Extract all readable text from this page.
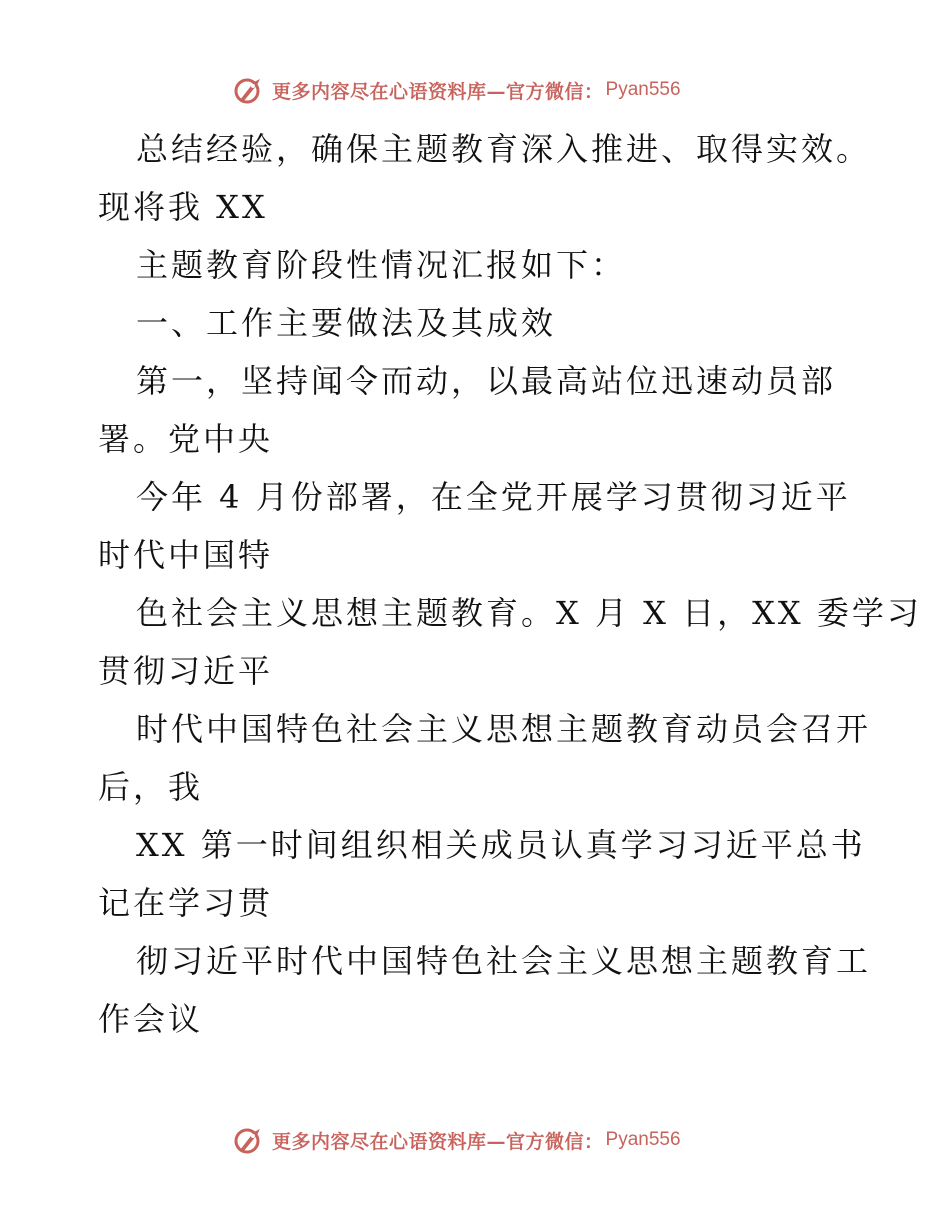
更多内容尽在心语资料库—官方微信： Pyan556
总结经验，确保主题教育深入推进、取得实效。
现将我 XX
主题教育阶段性情况汇报如下：
一、工作主要做法及其成效
第一，坚持闻令而动，以最高站位迅速动员部
署。党中央
今年 4 月份部署，在全党开展学习贯彻习近平
时代中国特
色社会主义思想主题教育。X 月 X 日，XX 委学习
贯彻习近平
时代中国特色社会主义思想主题教育动员会召开
后，我
XX 第一时间组织相关成员认真学习习近平总书
记在学习贯
彻习近平时代中国特色社会主义思想主题教育工
作会议
更多内容尽在心语资料库—官方微信： Pyan556
